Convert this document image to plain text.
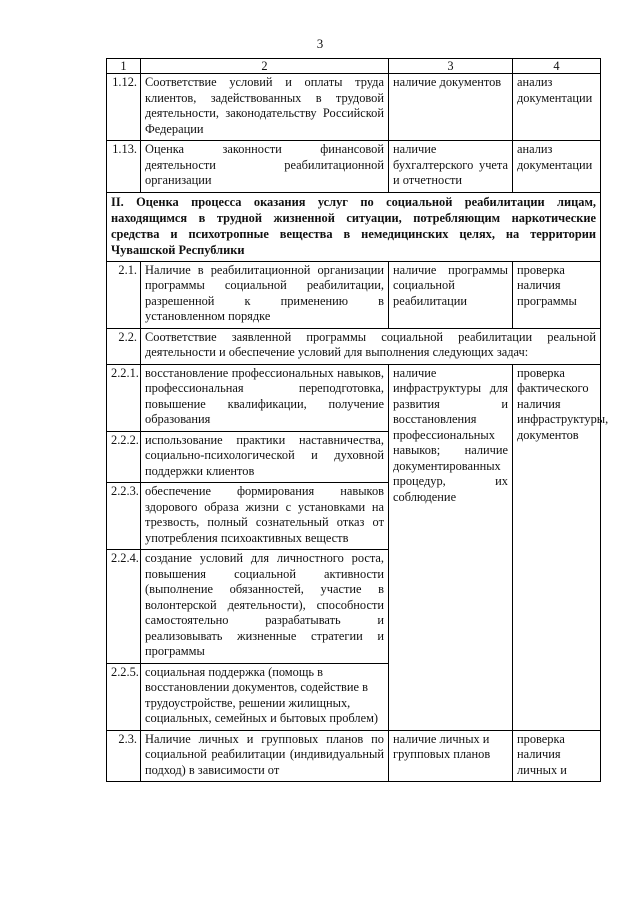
3
1	2	3	4
1.12.	Соответствие условий и оплаты труда клиентов, задействованных в трудовой деятельности, законодательству Российской Федерации	наличие документов	анализ документации
1.13.	Оценка законности финансовой деятельности реабилитационной организации	наличие бухгалтерского учета и отчетности	анализ документации
II. Оценка процесса оказания услуг по социальной реабилитации лицам, находящимся в трудной жизненной ситуации, потребляющим наркотические средства и психотропные вещества в немедицинских целях, на территории Чувашской Республики			
2.1.	Наличие в реабилитационной организации программы социальной реабилитации, разрешенной к применению в установленном порядке	наличие программы социальной реабилитации	проверка наличия программы
2.2.	Соответствие заявленной программы социальной реабилитации реальной деятельности и обеспечение условий для выполнения следующих задач:		
2.2.1.	восстановление профессиональных навыков, профессиональная переподготовка, повышение квалификации, получение образования	наличие инфраструктуры для развития и восстановления профессиональных навыков; наличие документированных процедур, их соблюдение	проверка фактического наличия инфраструктуры, документов
2.2.2.	использование практики наставничества, социально-психологической и духовной поддержки клиентов		
2.2.3.	обеспечение формирования навыков здорового образа жизни с установками на трезвость, полный сознательный отказ от употребления психоактивных веществ		
2.2.4.	создание условий для личностного роста, повышения социальной активности (выполнение обязанностей, участие в волонтерской деятельности), способности самостоятельно разрабатывать и реализовывать жизненные стратегии и программы		
2.2.5.	социальная поддержка (помощь в восстановлении документов, содействие в трудоустройстве, решении жилищных, социальных, семейных и бытовых проблем)		
2.3.	Наличие личных и групповых планов по социальной реабилитации (индивидуальный подход) в зависимости от	наличие личных и групповых планов	проверка наличия личных и
